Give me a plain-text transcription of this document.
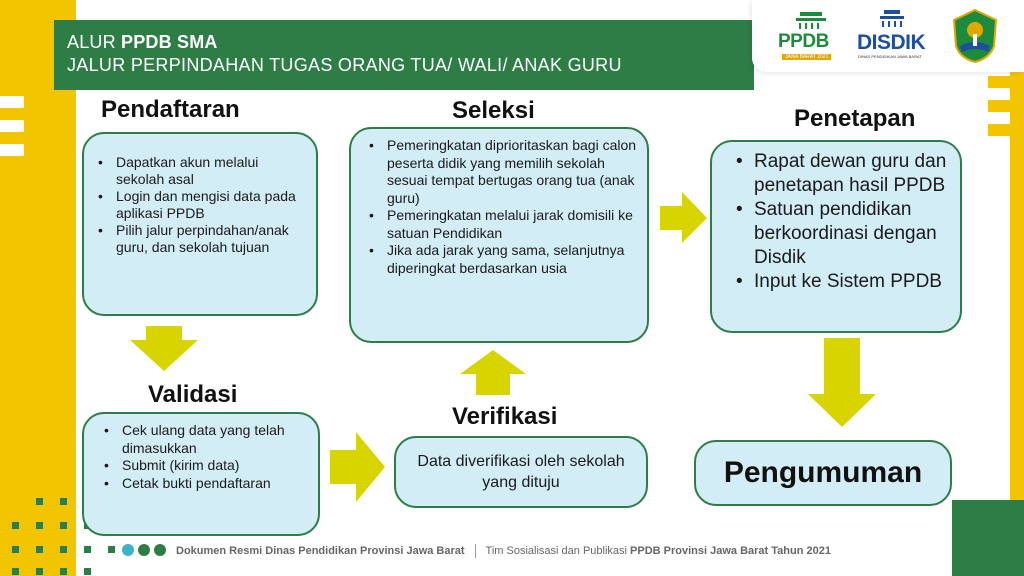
ALUR PPDB SMA
JALUR PERPINDAHAN TUGAS ORANG TUA/ WALI/ ANAK GURU
PPDB
JAWA BARAT 2021
DISDIK
DINAS PENDIDIKAN JAWA BARAT
Pendaftaran	Seleksi	Penetapan
Validasi
Verifikasi
• Dapatkan akun melalui sekolah asal
• Login dan mengisi data pada aplikasi PPDB
• Pilih jalur perpindahan/anak guru, dan sekolah tujuan
• Pemeringkatan diprioritaskan bagi calon peserta didik yang memilih sekolah sesuai tempat bertugas orang tua (anak guru)
• Pemeringkatan melalui jarak domisili ke satuan Pendidikan
• Jika ada jarak yang sama, selanjutnya diperingkat berdasarkan usia
• Rapat dewan guru dan penetapan hasil PPDB
• Satuan pendidikan berkoordinasi dengan Disdik
• Input ke Sistem PPDB
• Cek ulang data yang telah dimasukkan
• Submit (kirim data)
• Cetak bukti pendaftaran
Data diverifikasi oleh sekolah yang dituju	Pengumuman
Dokumen Resmi Dinas Pendidikan Provinsi Jawa Barat Tim Sosialisasi dan Publikasi PPDB Provinsi Jawa Barat Tahun 2021
